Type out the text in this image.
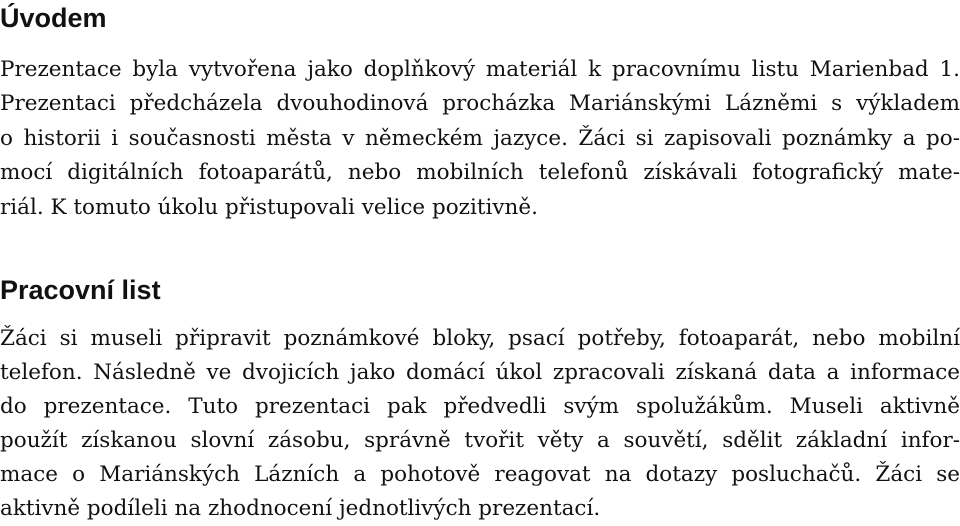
Úvodem

Prezentace byla vytvořena jako doplňkový materiál k pracovnímu listu Marienbad 1.
Prezentaci předcházela dvouhodinová procházka Mariánskými Lázněmi s výkladem
o historii i současnosti města v německém jazyce. Žáci si zapisovali poznámky a po-
mocí digitálních fotoaparátů, nebo mobilních telefonů získávali fotografický mate-
riál. K tomuto úkolu přistupovali velice pozitivně.

Pracovní list

Žáci si museli připravit poznámkové bloky, psací potřeby, fotoaparát, nebo mobilní
telefon. Následně ve dvojicích jako domácí úkol zpracovali získaná data a informace
do prezentace. Tuto prezentaci pak předvedli svým spolužákům. Museli aktivně
použít získanou slovní zásobu, správně tvořit věty a souvětí, sdělit základní infor-
mace o Mariánských Lázních a pohotově reagovat na dotazy posluchačů. Žáci se
aktivně podíleli na zhodnocení jednotlivých prezentací.
